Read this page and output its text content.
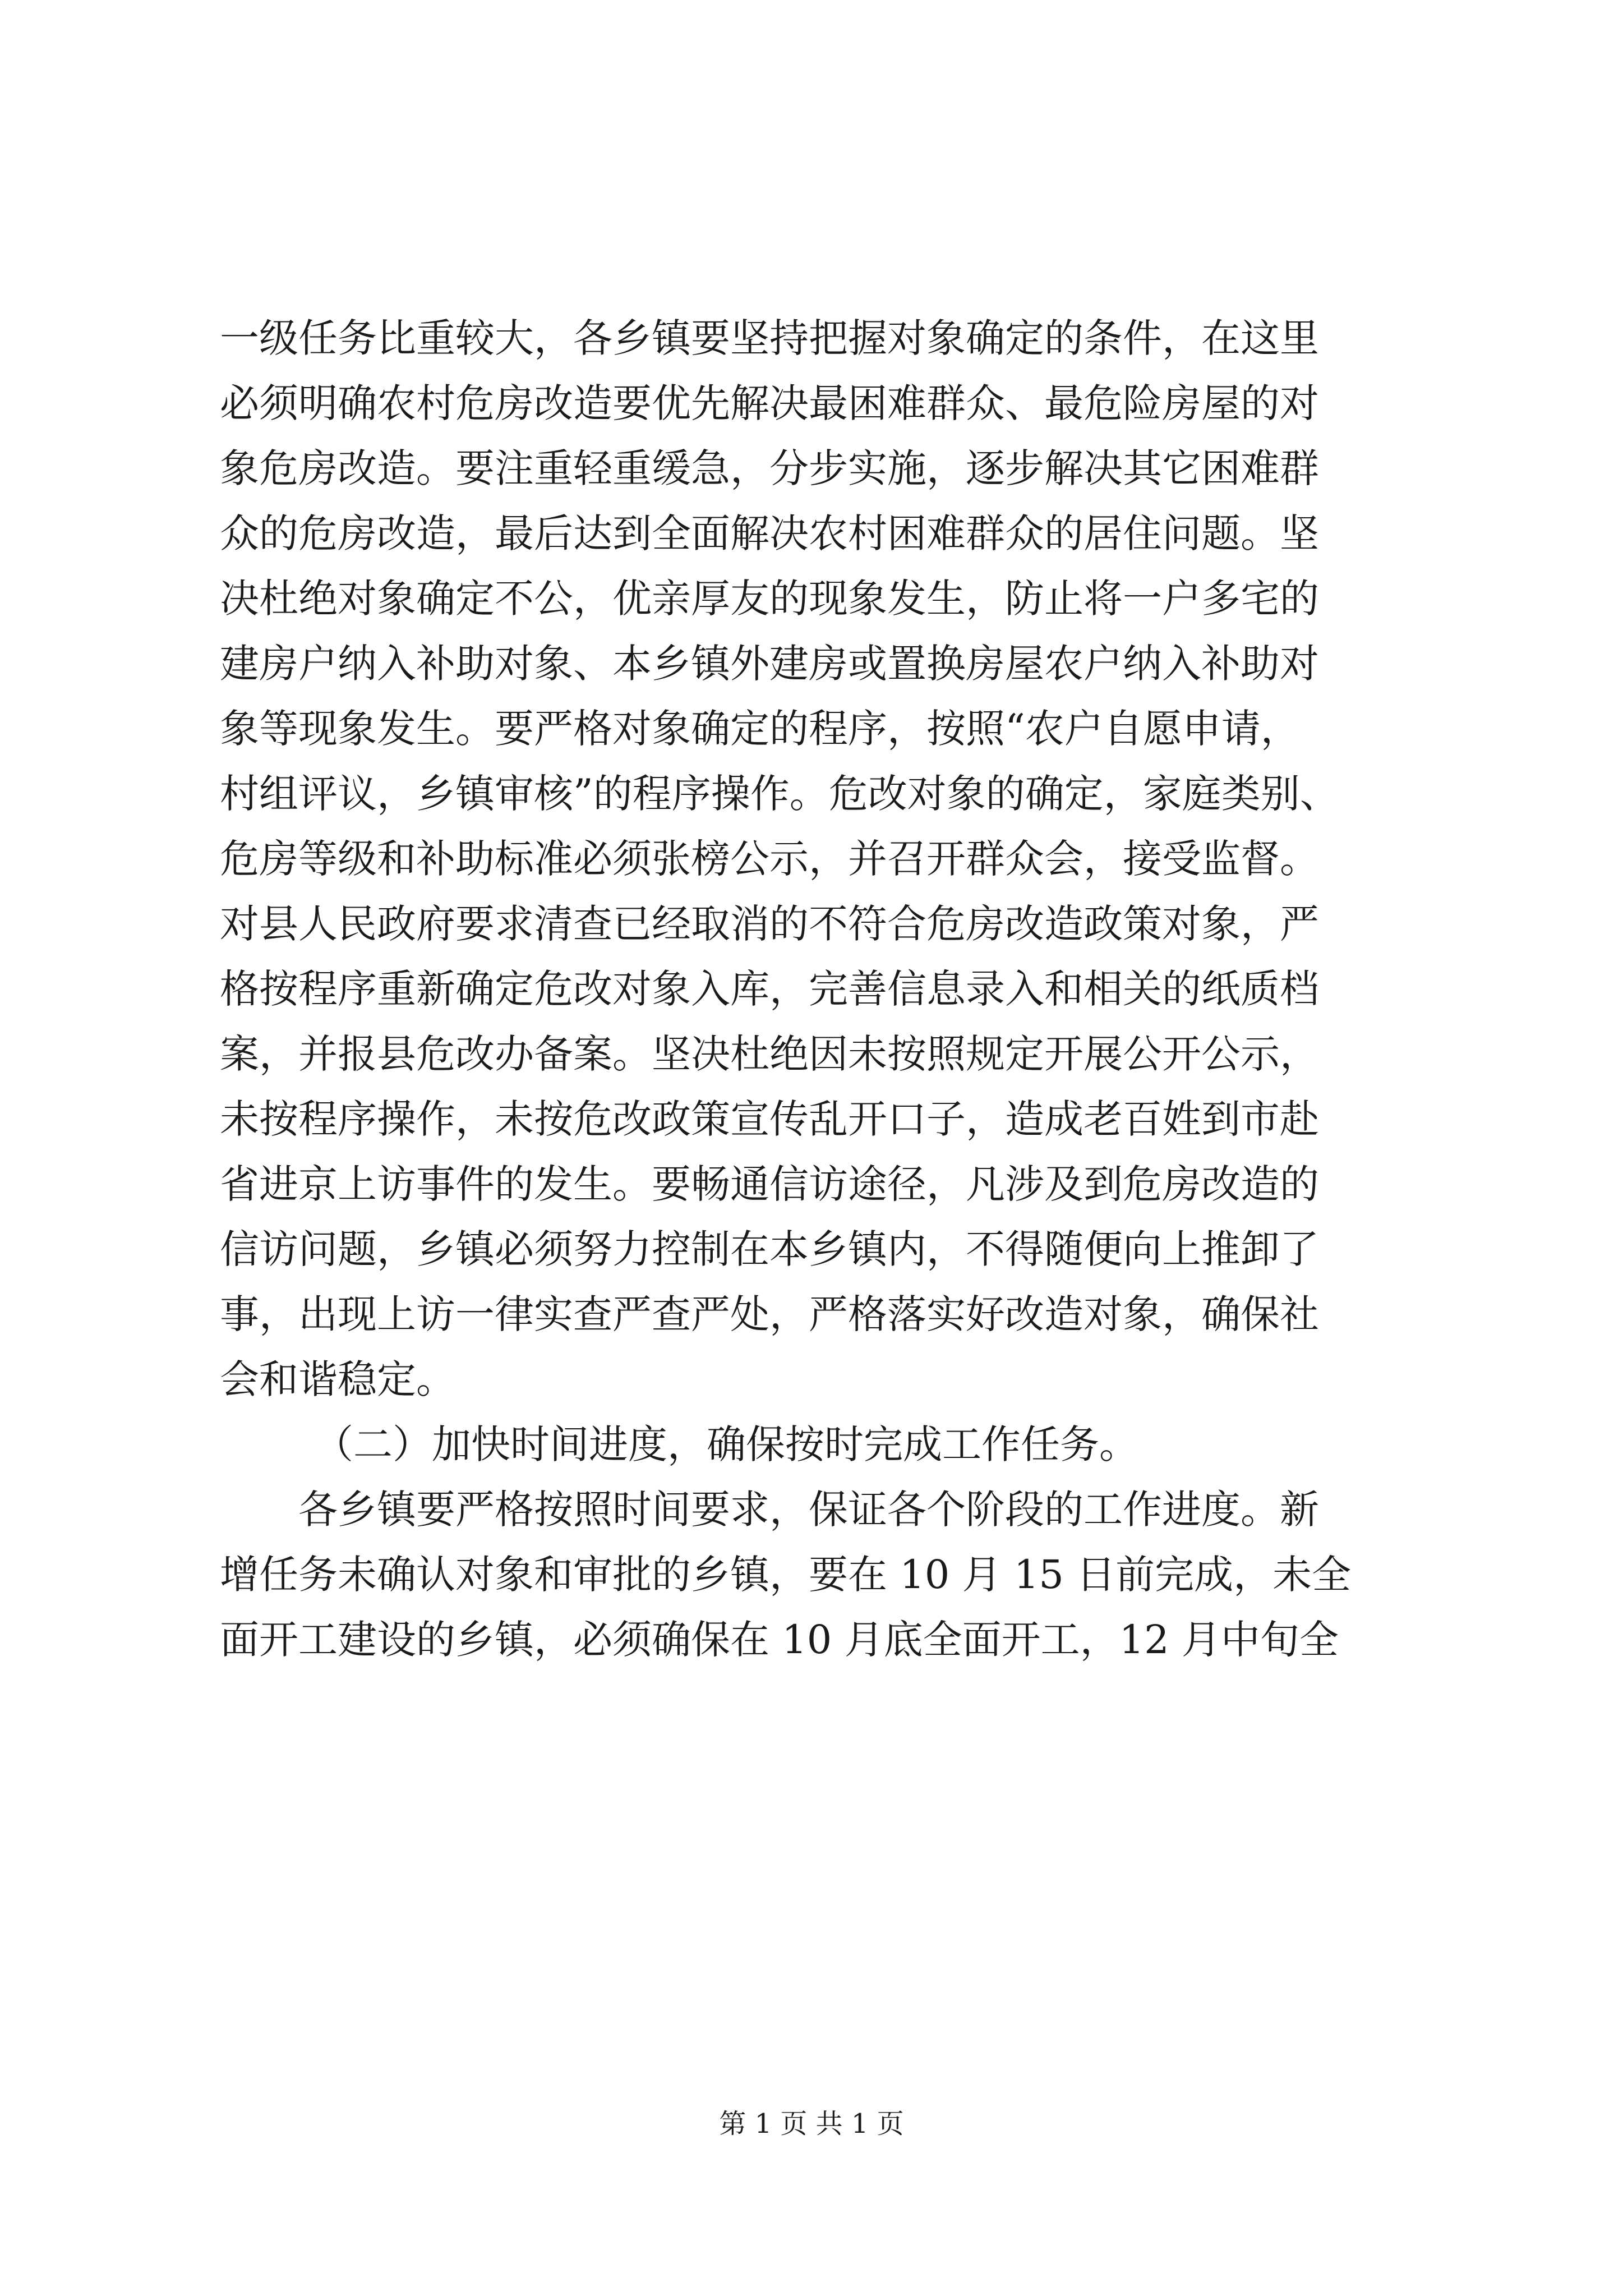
一级任务比重较大，各乡镇要坚持把握对象确定的条件，在这里
必须明确农村危房改造要优先解决最困难群众、最危险房屋的对
象危房改造。要注重轻重缓急，分步实施，逐步解决其它困难群
众的危房改造，最后达到全面解决农村困难群众的居住问题。坚
决杜绝对象确定不公，优亲厚友的现象发生，防止将一户多宅的
建房户纳入补助对象、本乡镇外建房或置换房屋农户纳入补助对
象等现象发生。要严格对象确定的程序，按照“农户自愿申请，
村组评议，乡镇审核”的程序操作。危改对象的确定，家庭类别、
危房等级和补助标准必须张榜公示，并召开群众会，接受监督。
对县人民政府要求清查已经取消的不符合危房改造政策对象，严
格按程序重新确定危改对象入库，完善信息录入和相关的纸质档
案，并报县危改办备案。坚决杜绝因未按照规定开展公开公示，
未按程序操作，未按危改政策宣传乱开口子，造成老百姓到市赴
省进京上访事件的发生。要畅通信访途径，凡涉及到危房改造的
信访问题，乡镇必须努力控制在本乡镇内，不得随便向上推卸了
事，出现上访一律实查严查严处，严格落实好改造对象，确保社
会和谐稳定。
（二）加快时间进度，确保按时完成工作任务。
各乡镇要严格按照时间要求，保证各个阶段的工作进度。新
增任务未确认对象和审批的乡镇，要在 10 月 15 日前完成，未全
面开工建设的乡镇，必须确保在 10 月底全面开工，12 月中旬全
第 1 页 共 1 页
